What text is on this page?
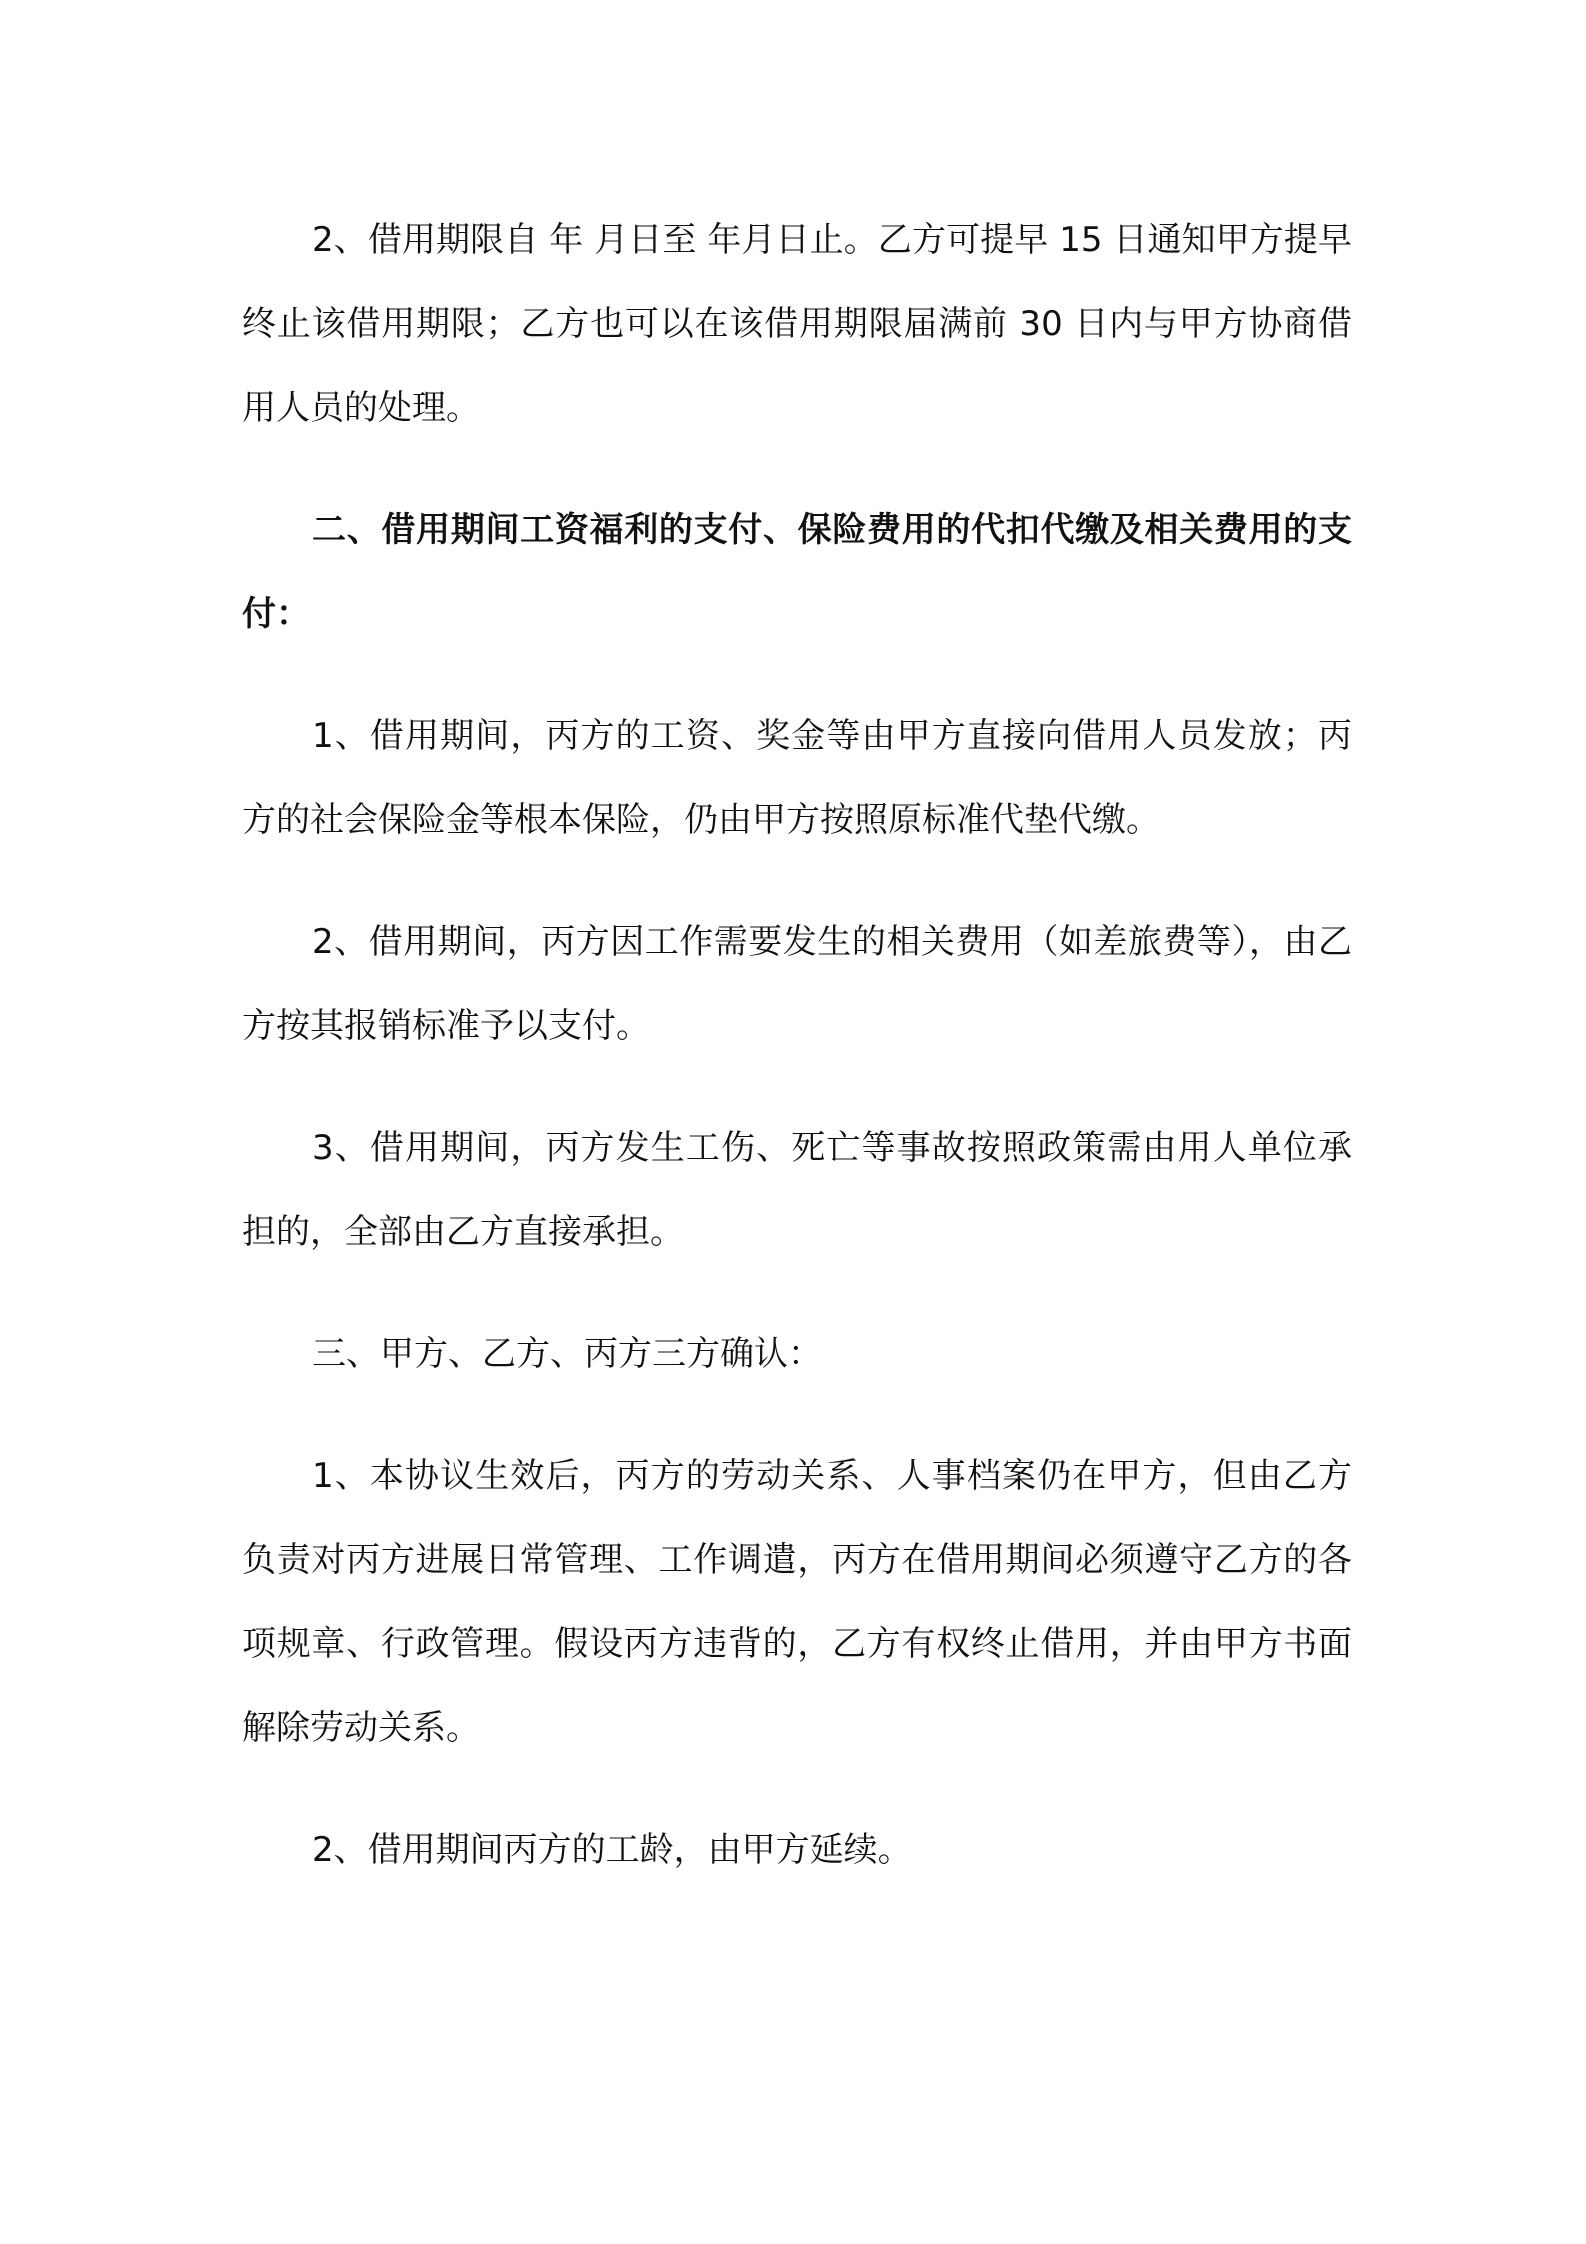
2、借用期限自 年 月日至 年月日止。乙方可提早 15 日通知甲方提早终止该借用期限；乙方也可以在该借用期限届满前 30 日内与甲方协商借用人员的处理。

二、借用期间工资福利的支付、保险费用的代扣代缴及相关费用的支付：

1、借用期间，丙方的工资、奖金等由甲方直接向借用人员发放；丙方的社会保险金等根本保险，仍由甲方按照原标准代垫代缴。

2、借用期间，丙方因工作需要发生的相关费用（如差旅费等），由乙方按其报销标准予以支付。

3、借用期间，丙方发生工伤、死亡等事故按照政策需由用人单位承担的，全部由乙方直接承担。

三、甲方、乙方、丙方三方确认：

1、本协议生效后，丙方的劳动关系、人事档案仍在甲方，但由乙方负责对丙方进展日常管理、工作调遣，丙方在借用期间必须遵守乙方的各项规章、行政管理。假设丙方违背的，乙方有权终止借用，并由甲方书面解除劳动关系。

2、借用期间丙方的工龄，由甲方延续。
